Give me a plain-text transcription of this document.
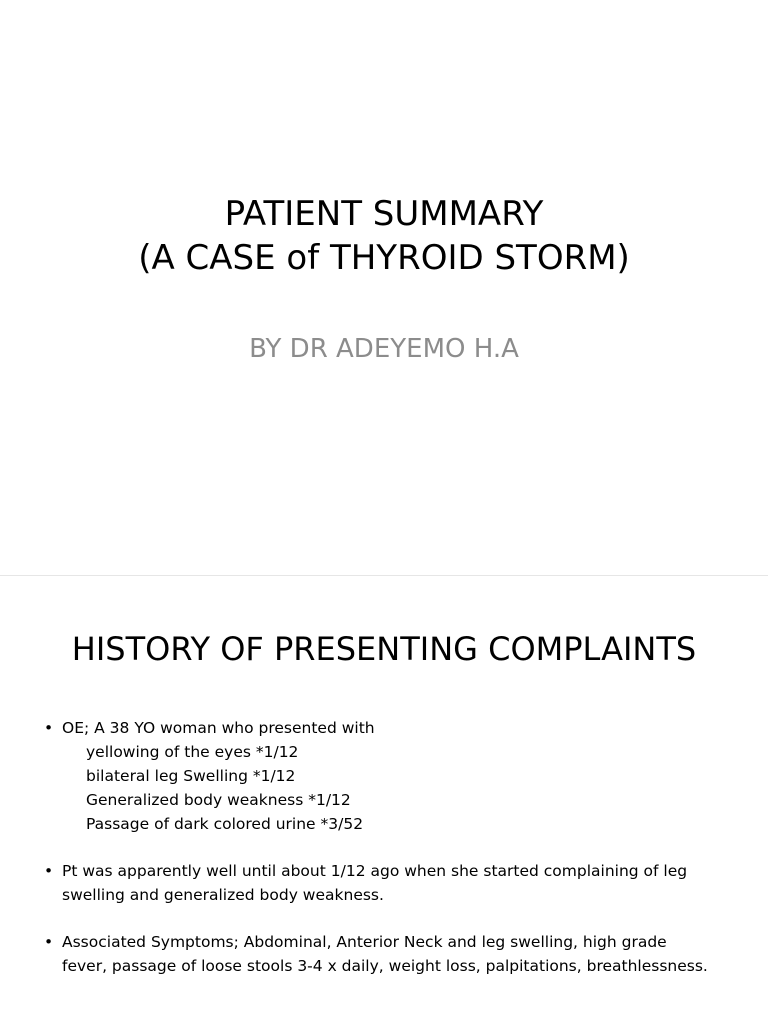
PATIENT SUMMARY
(A CASE of THYROID STORM)
BY DR ADEYEMO H.A
HISTORY OF PRESENTING COMPLAINTS

• OE; A 38 YO woman who presented with

yellowing of the eyes *1/12

bilateral leg Swelling *1/12

Generalized body weakness *1/12

Passage of dark colored urine *3/52

• Pt was apparently well until about 1/12 ago when she started complaining of leg
swelling and generalized body weakness.

• Associated Symptoms; Abdominal, Anterior Neck and leg swelling, high grade
fever, passage of loose stools 3-4 x daily, weight loss, palpitations, breathlessness.
